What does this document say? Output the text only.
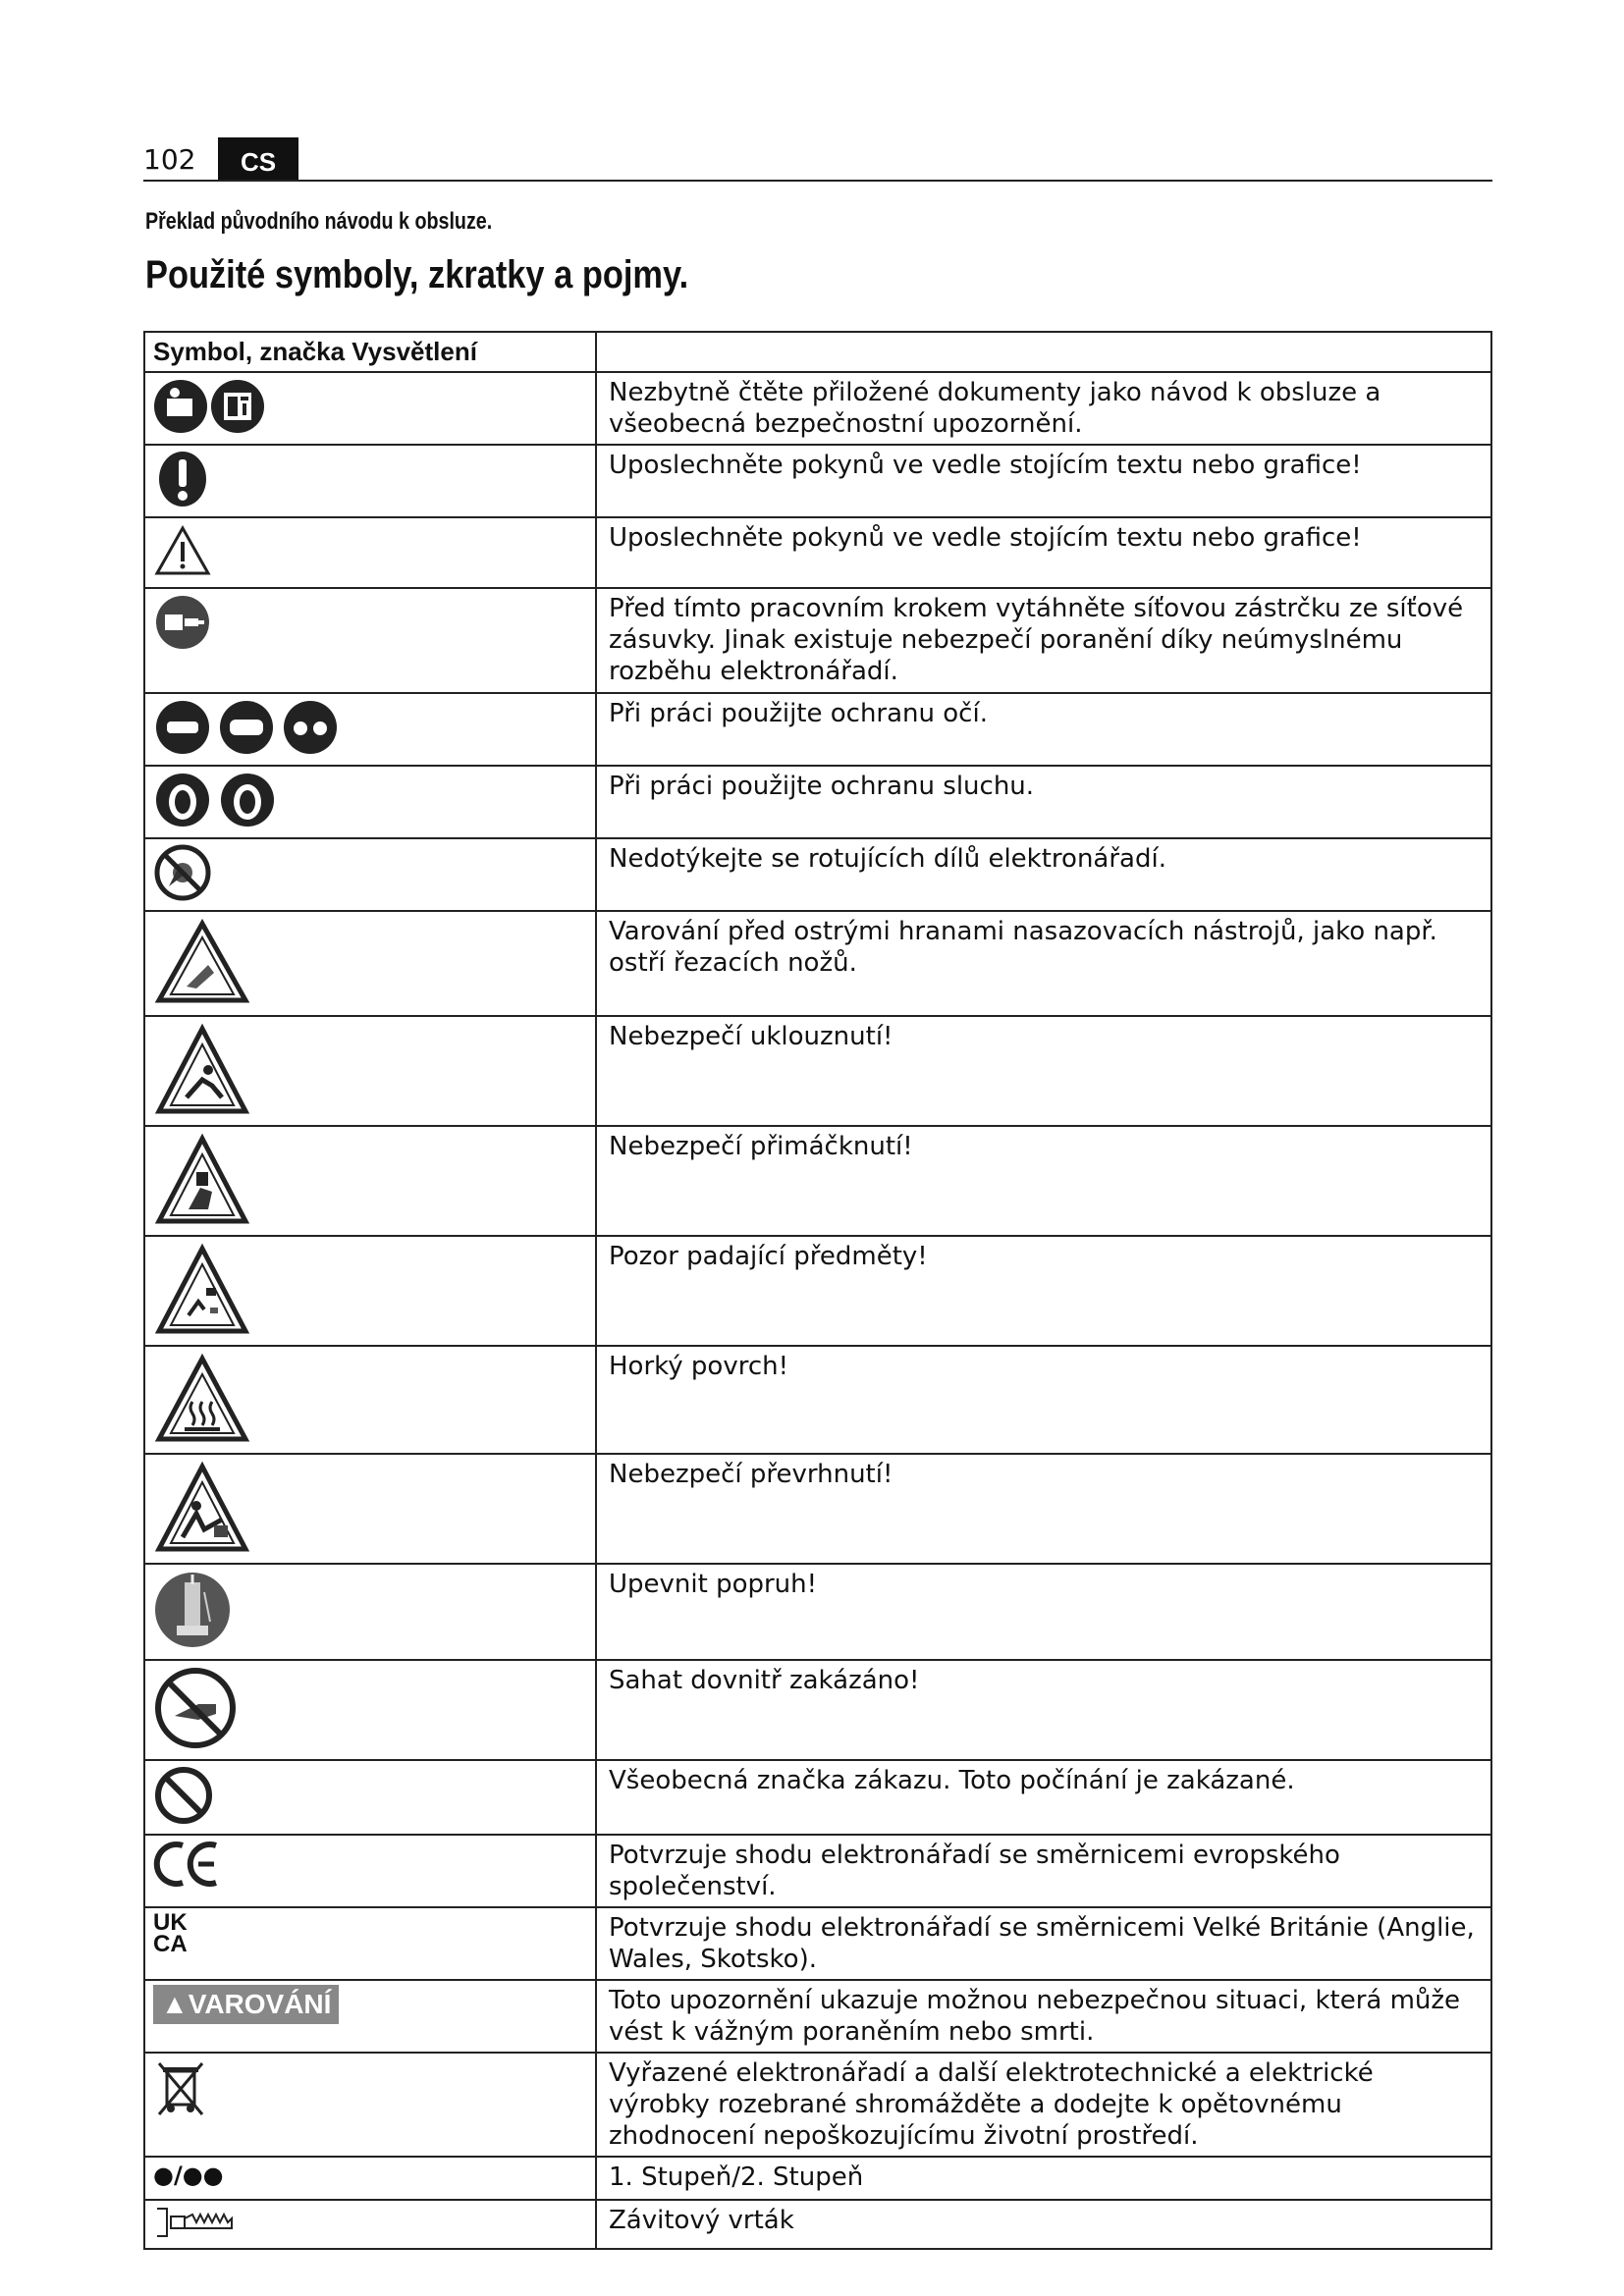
102	CS
Překlad původního návodu k obsluze.
Použité symboly, zkratky a pojmy.
Symbol, značka Vysvětlení	
	Nezbytně čtěte přiložené dokumenty jako návod k obsluze a všeobecná bezpečnostní upozornění.
	Uposlechněte pokynů ve vedle stojícím textu nebo grafice!
	Uposlechněte pokynů ve vedle stojícím textu nebo grafice!
	Před tímto pracovním krokem vytáhněte síťovou zástrčku ze síťové zásuvky. Jinak existuje nebezpečí poranění díky neúmyslnému rozběhu elektronářadí.
	Při práci použijte ochranu očí.
	Při práci použijte ochranu sluchu.
	Nedotýkejte se rotujících dílů elektronářadí.
	Varování před ostrými hranami nasazovacích nástrojů, jako např. ostří řezacích nožů.
	Nebezpečí uklouznutí!
	Nebezpečí přimáčknutí!
	Pozor padající předměty!
	Horký povrch!
	Nebezpečí převrhnutí!
	Upevnit popruh!
	Sahat dovnitř zakázáno!
	Všeobecná značka zákazu. Toto počínání je zakázané.
	Potvrzuje shodu elektronářadí se směrnicemi evropského společenství.
UK
CA	Potvrzuje shodu elektronářadí se směrnicemi Velké Británie (Anglie, Wales, Skotsko).
▲VAROVÁNÍ	Toto upozornění ukazuje možnou nebezpečnou situaci, která může vést k vážným poraněním nebo smrti.
	Vyřazené elektronářadí a další elektrotechnické a elektrické výrobky rozebrané shromážděte a dodejte k opětovnému zhodnocení nepoškozujícímu životní prostředí.
●/●●	1. Stupeň/2. Stupeň
	Závitový vrták
